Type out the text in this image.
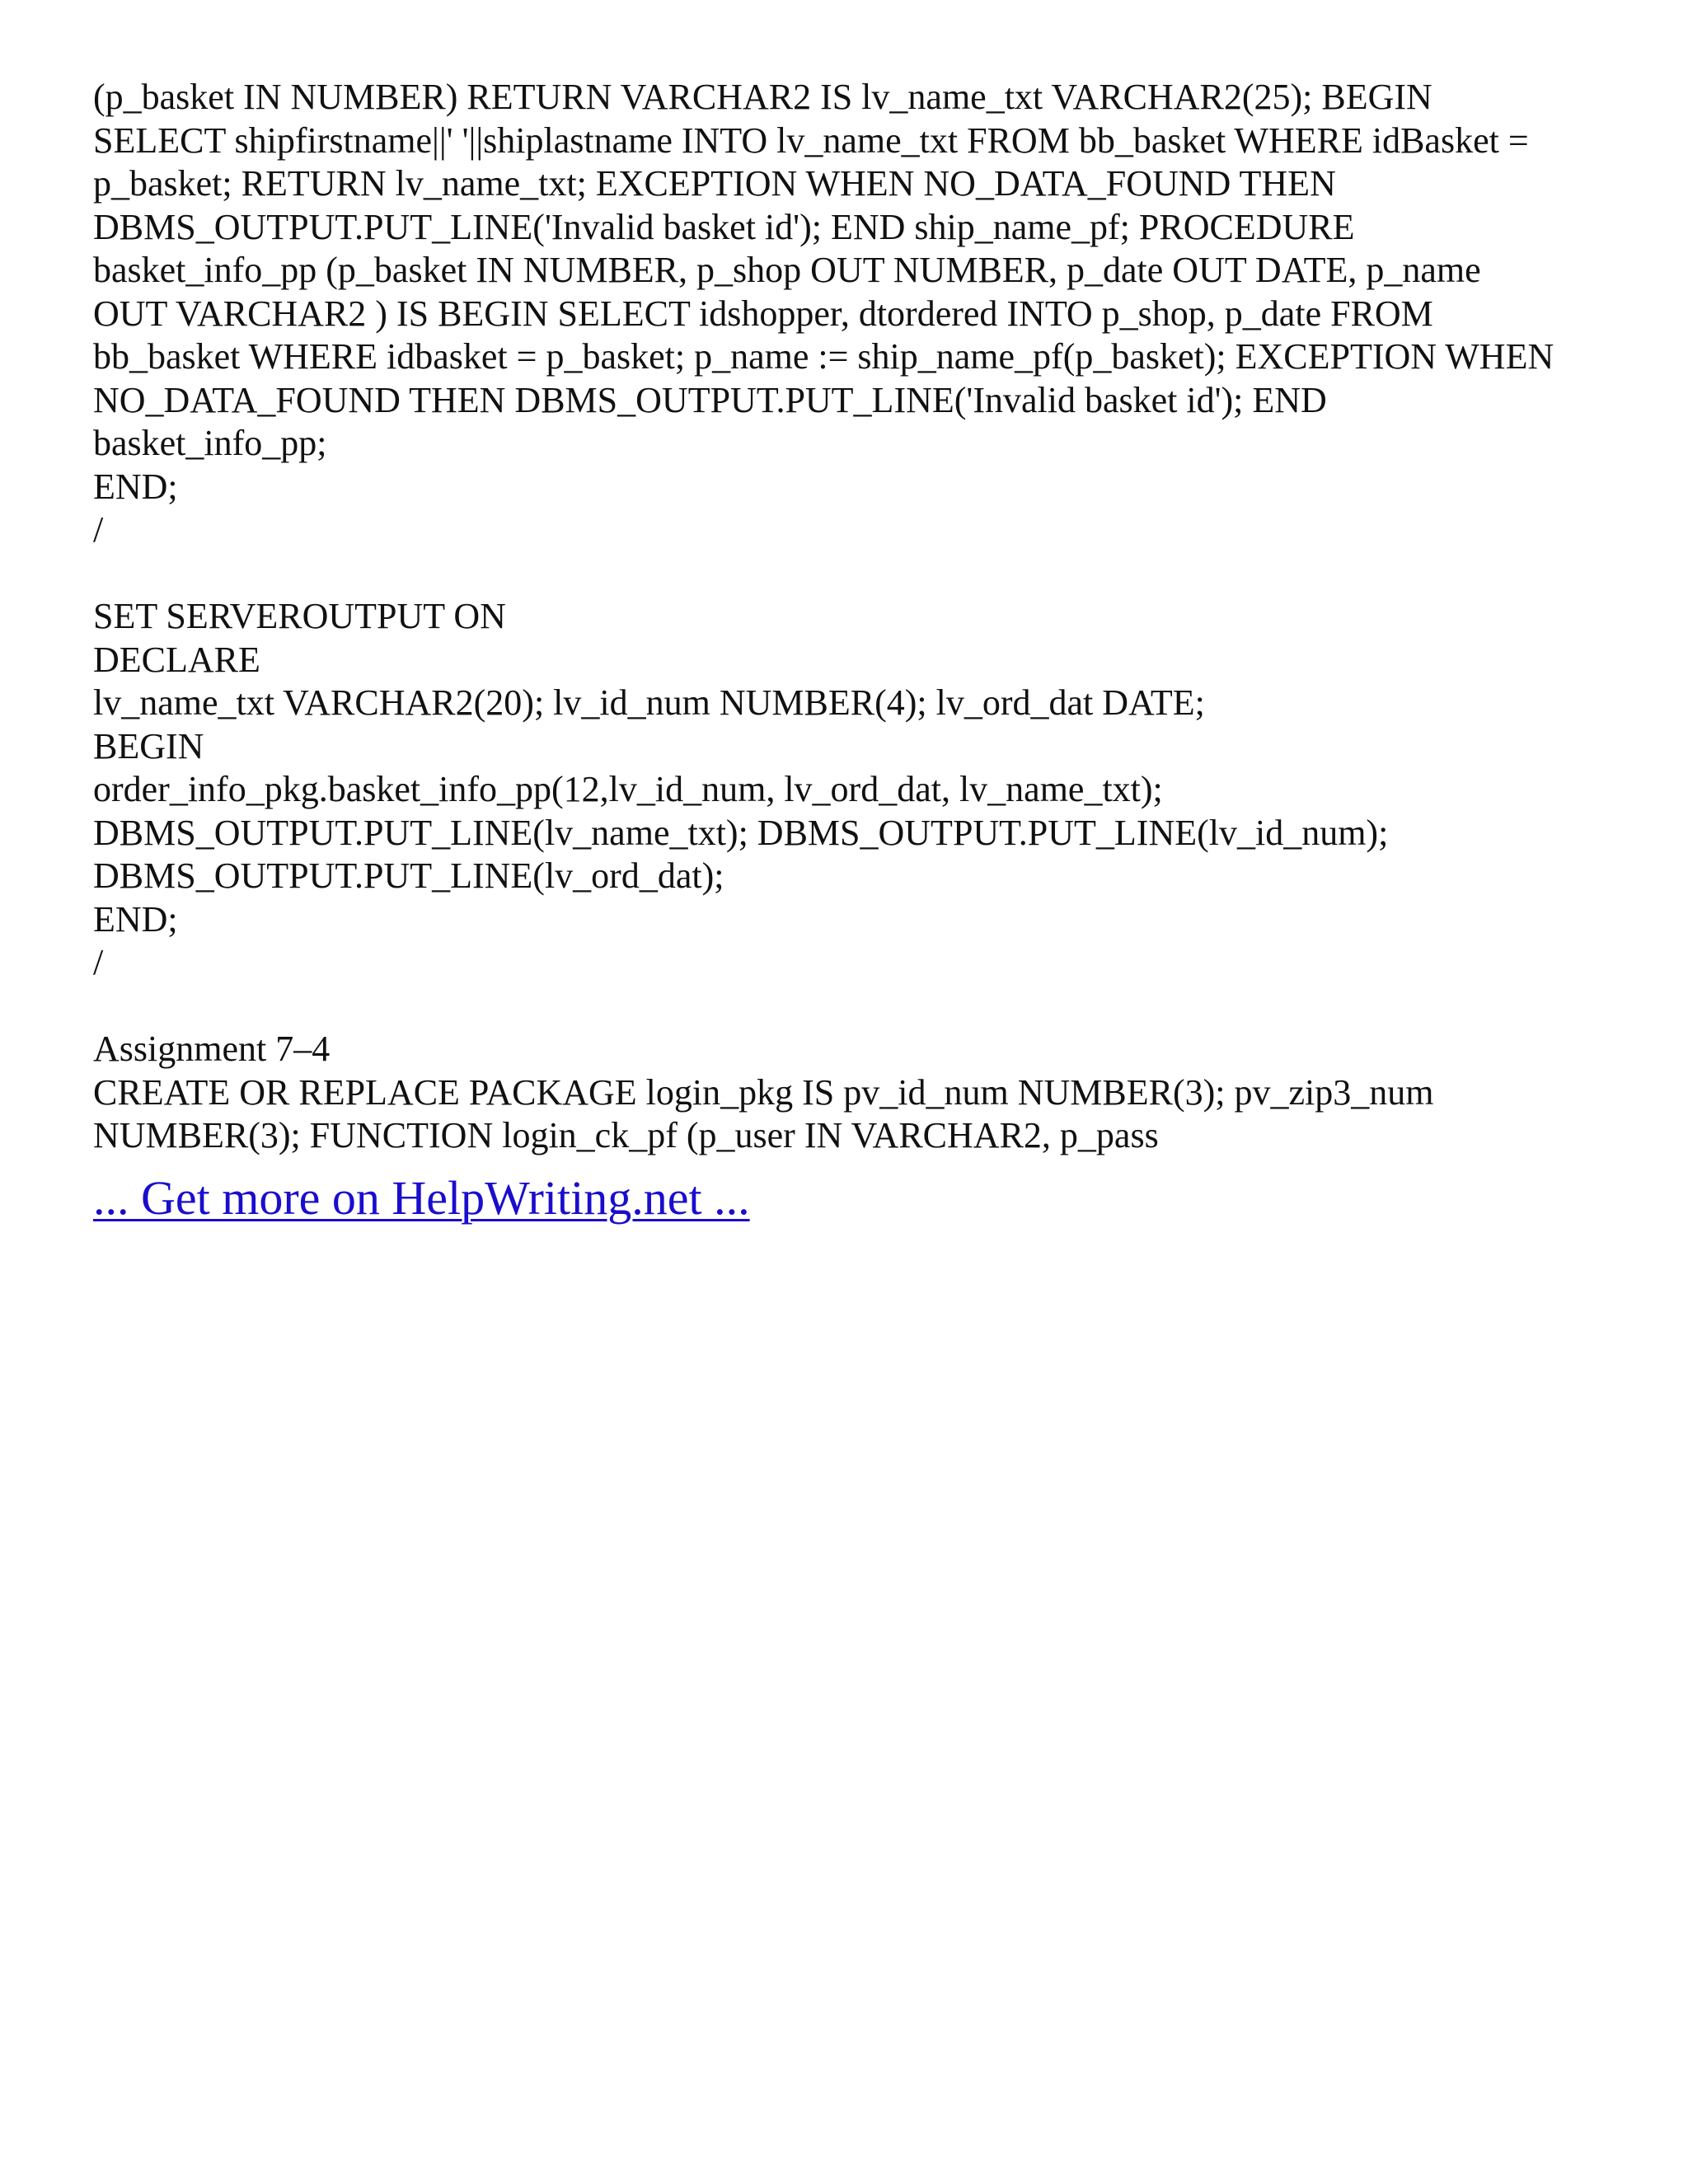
(p_basket IN NUMBER) RETURN VARCHAR2 IS lv_name_txt VARCHAR2(25); BEGIN
SELECT shipfirstname||' '||shiplastname INTO lv_name_txt FROM bb_basket WHERE idBasket =
p_basket; RETURN lv_name_txt; EXCEPTION WHEN NO_DATA_FOUND THEN
DBMS_OUTPUT.PUT_LINE('Invalid basket id'); END ship_name_pf; PROCEDURE
basket_info_pp (p_basket IN NUMBER, p_shop OUT NUMBER, p_date OUT DATE, p_name
OUT VARCHAR2 ) IS BEGIN SELECT idshopper, dtordered INTO p_shop, p_date FROM
bb_basket WHERE idbasket = p_basket; p_name := ship_name_pf(p_basket); EXCEPTION WHEN
NO_DATA_FOUND THEN DBMS_OUTPUT.PUT_LINE('Invalid basket id'); END
basket_info_pp;
END;
/
SET SERVEROUTPUT ON
DECLARE
lv_name_txt VARCHAR2(20); lv_id_num NUMBER(4); lv_ord_dat DATE;
BEGIN
order_info_pkg.basket_info_pp(12,lv_id_num, lv_ord_dat, lv_name_txt);
DBMS_OUTPUT.PUT_LINE(lv_name_txt); DBMS_OUTPUT.PUT_LINE(lv_id_num);
DBMS_OUTPUT.PUT_LINE(lv_ord_dat);
END;
/
Assignment 7–4
CREATE OR REPLACE PACKAGE login_pkg IS pv_id_num NUMBER(3); pv_zip3_num
NUMBER(3); FUNCTION login_ck_pf (p_user IN VARCHAR2, p_pass
... Get more on HelpWriting.net ...
